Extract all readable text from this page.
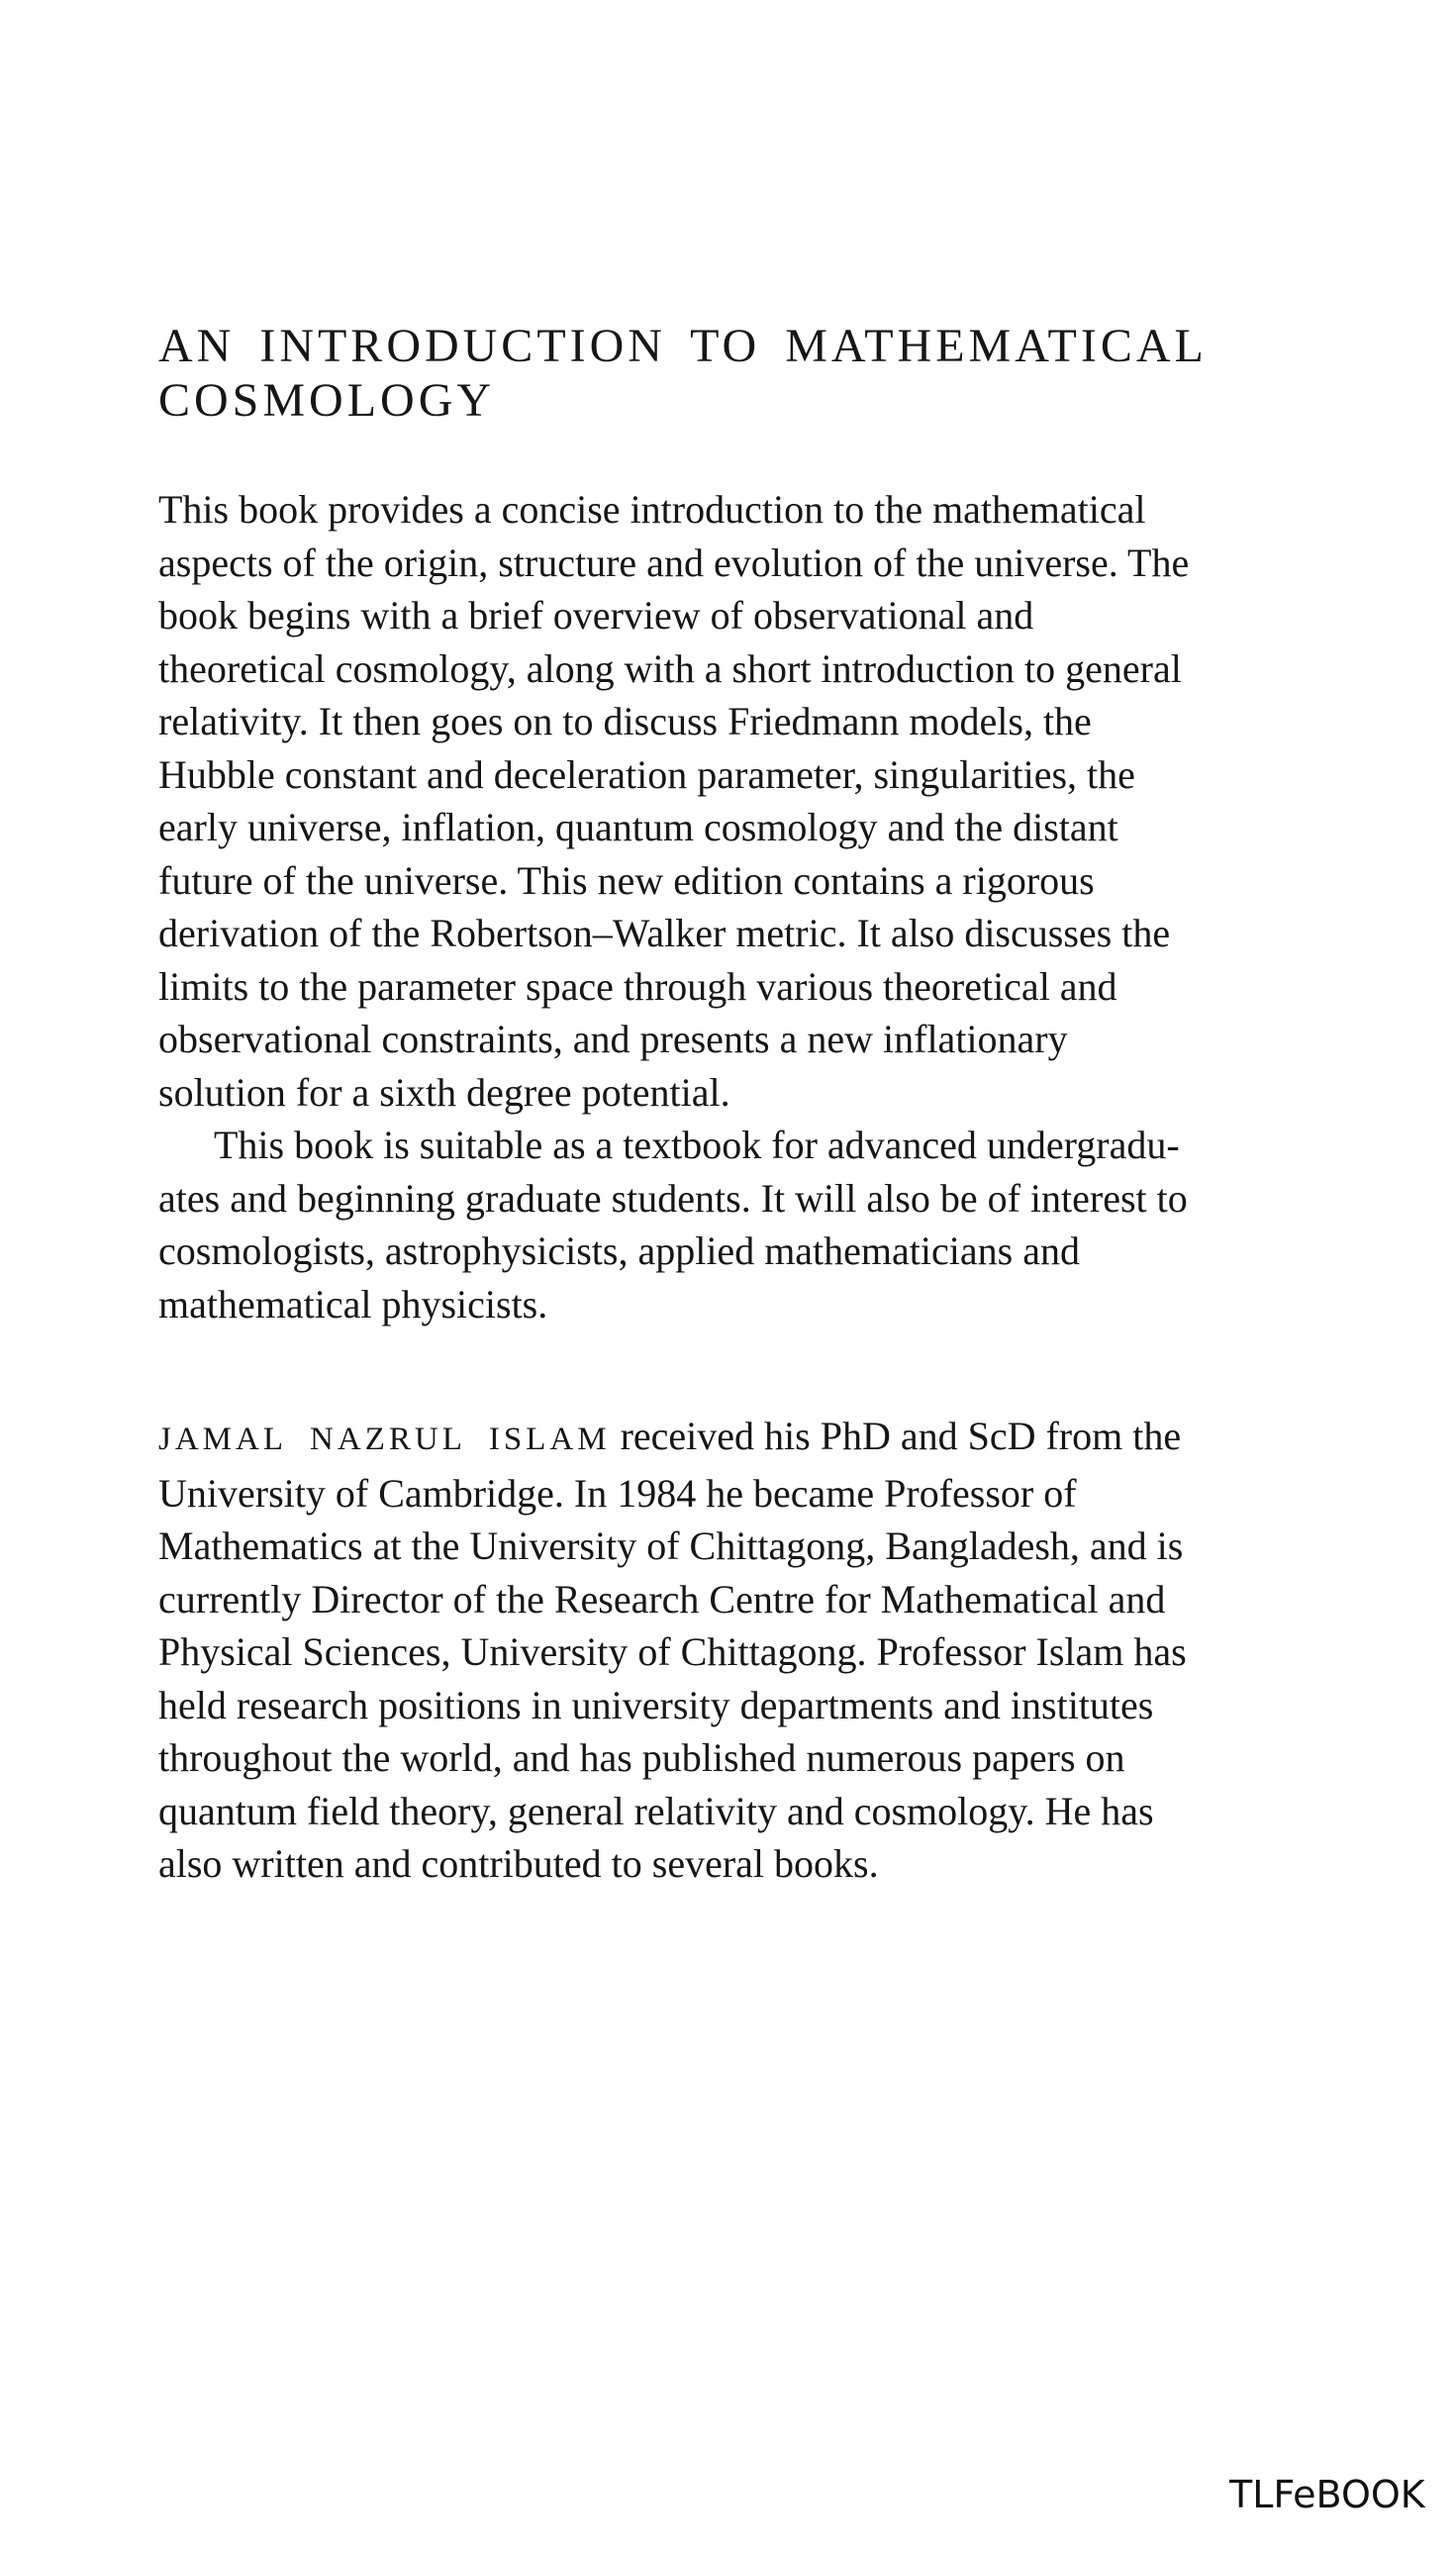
AN INTRODUCTION TO MATHEMATICAL
COSMOLOGY
This book provides a concise introduction to the mathematical
aspects of the origin, structure and evolution of the universe. The
book begins with a brief overview of observational and
theoretical cosmology, along with a short introduction to general
relativity. It then goes on to discuss Friedmann models, the
Hubble constant and deceleration parameter, singularities, the
early universe, inflation, quantum cosmology and the distant
future of the universe. This new edition contains a rigorous
derivation of the Robertson–Walker metric. It also discusses the
limits to the parameter space through various theoretical and
observational constraints, and presents a new inflationary
solution for a sixth degree potential.
This book is suitable as a textbook for advanced undergradu-
ates and beginning graduate students. It will also be of interest to
cosmologists, astrophysicists, applied mathematicians and
mathematical physicists.
JAMAL NAZRUL ISLAM received his PhD and ScD from the
University of Cambridge. In 1984 he became Professor of
Mathematics at the University of Chittagong, Bangladesh, and is
currently Director of the Research Centre for Mathematical and
Physical Sciences, University of Chittagong. Professor Islam has
held research positions in university departments and institutes
throughout the world, and has published numerous papers on
quantum field theory, general relativity and cosmology. He has
also written and contributed to several books.
TLFeBOOK
